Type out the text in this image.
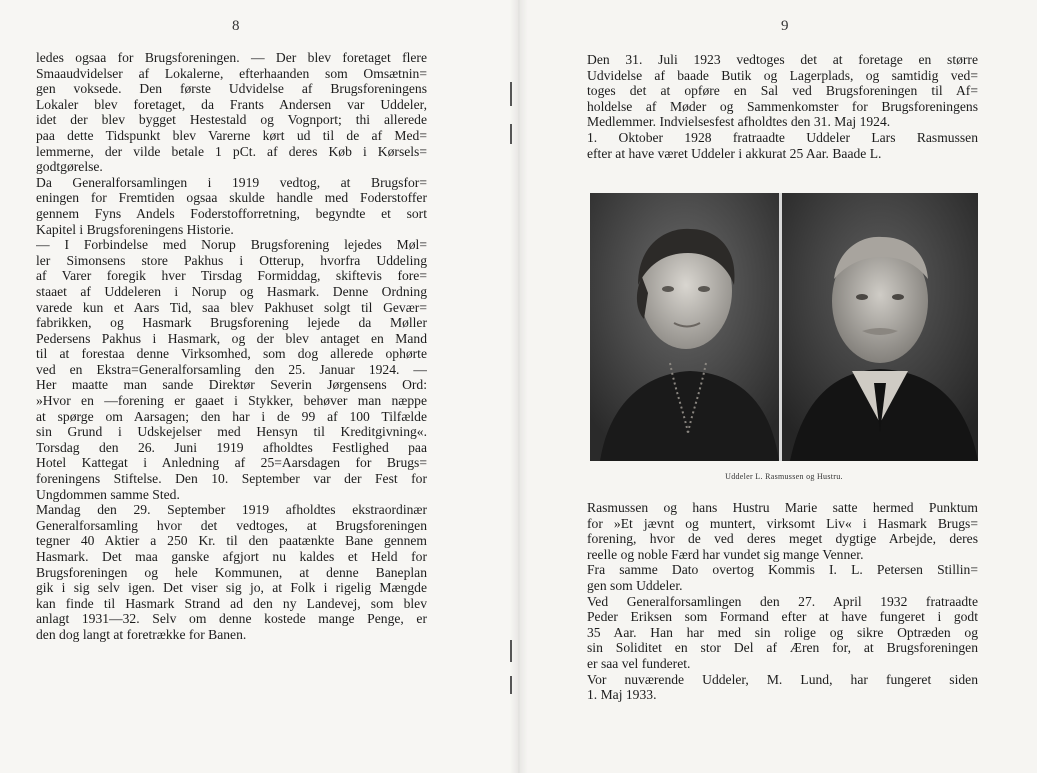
8	9
ledes ogsaa for Brugsforeningen. — Der blev foretaget flere
Smaaudvidelser af Lokalerne, efterhaanden som Omsætnin=
gen voksede. Den første Udvidelse af Brugsforeningens
Lokaler blev foretaget, da Frants Andersen var Uddeler,
idet der blev bygget Hestestald og Vognport; thi allerede
paa dette Tidspunkt blev Varerne kørt ud til de af Med=
lemmerne, der vilde betale 1 pCt. af deres Køb i Kørsels=
godtgørelse.
Da Generalforsamlingen i 1919 vedtog, at Brugsfor=
eningen for Fremtiden ogsaa skulde handle med Foderstoffer
gennem Fyns Andels Foderstofforretning, begyndte et sort
Kapitel i Brugsforeningens Historie.
— I Forbindelse med Norup Brugsforening lejedes Møl=
ler Simonsens store Pakhus i Otterup, hvorfra Uddeling
af Varer foregik hver Tirsdag Formiddag, skiftevis fore=
staaet af Uddeleren i Norup og Hasmark. Denne Ordning
varede kun et Aars Tid, saa blev Pakhuset solgt til Gevær=
fabrikken, og Hasmark Brugsforening lejede da Møller
Pedersens Pakhus i Hasmark, og der blev antaget en Mand
til at forestaa denne Virksomhed, som dog allerede ophørte
ved en Ekstra=Generalforsamling den 25. Januar 1924. —
Her maatte man sande Direktør Severin Jørgensens Ord:
»Hvor en —forening er gaaet i Stykker, behøver man næppe
at spørge om Aarsagen; den har i de 99 af 100 Tilfælde
sin Grund i Udskejelser med Hensyn til Kreditgivning«.
Torsdag den 26. Juni 1919 afholdtes Festlighed paa
Hotel Kattegat i Anledning af 25=Aarsdagen for Brugs=
foreningens Stiftelse. Den 10. September var der Fest for
Ungdommen samme Sted.
Mandag den 29. September 1919 afholdtes ekstraordinær
Generalforsamling hvor det vedtoges, at Brugsforeningen
tegner 40 Aktier a 250 Kr. til den paatænkte Bane gennem
Hasmark. Det maa ganske afgjort nu kaldes et Held for
Brugsforeningen og hele Kommunen, at denne Baneplan
gik i sig selv igen. Det viser sig jo, at Folk i rigelig Mængde
kan finde til Hasmark Strand ad den ny Landevej, som blev
anlagt 1931—32. Selv om denne kostede mange Penge, er
den dog langt at foretrække for Banen.
Den 31. Juli 1923 vedtoges det at foretage en større
Udvidelse af baade Butik og Lagerplads, og samtidig ved=
toges det at opføre en Sal ved Brugsforeningen til Af=
holdelse af Møder og Sammenkomster for Brugsforeningens
Medlemmer. Indvielsesfest afholdtes den 31. Maj 1924.
1. Oktober 1928 fratraadte Uddeler Lars Rasmussen
efter at have været Uddeler i akkurat 25 Aar. Baade L.
Uddeler L. Rasmussen og Hustru.
Rasmussen og hans Hustru Marie satte hermed Punktum
for »Et jævnt og muntert, virksomt Liv« i Hasmark Brugs=
forening, hvor de ved deres meget dygtige Arbejde, deres
reelle og noble Færd har vundet sig mange Venner.
Fra samme Dato overtog Kommis I. L. Petersen Stillin=
gen som Uddeler.
Ved Generalforsamlingen den 27. April 1932 fratraadte
Peder Eriksen som Formand efter at have fungeret i godt
35 Aar. Han har med sin rolige og sikre Optræden og
sin Soliditet en stor Del af Æren for, at Brugsforeningen
er saa vel funderet.
Vor nuværende Uddeler, M. Lund, har fungeret siden
1. Maj 1933.
